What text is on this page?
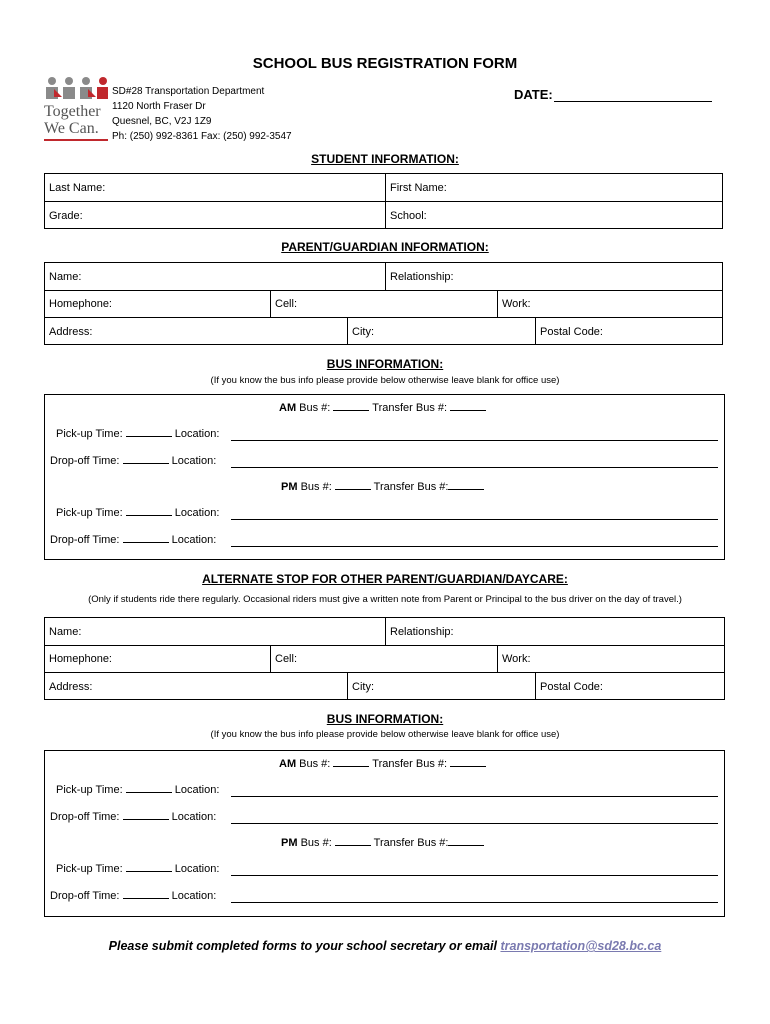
SCHOOL BUS REGISTRATION FORM
Together
We Can.
SD#28 Transportation Department
1120 North Fraser Dr
Quesnel, BC, V2J 1Z9
Ph: (250) 992-8361 Fax: (250) 992-3547
DATE:
STUDENT INFORMATION:
Last Name:	First Name:
Grade:	School:
PARENT/GUARDIAN INFORMATION:
Name:	Relationship:
Homephone:	Cell:	Work:
Address:	City:	Postal Code:
BUS INFORMATION:
(If you know the bus info please provide below otherwise leave blank for office use)
AM Bus #:	Transfer Bus #:
Pick-up Time:	Location:
Drop-off Time:	Location:
PM Bus #:	Transfer Bus #:
Pick-up Time:	Location:
Drop-off Time:	Location:
ALTERNATE STOP FOR OTHER PARENT/GUARDIAN/DAYCARE:
(Only if students ride there regularly. Occasional riders must give a written note from Parent or Principal to the bus driver on the day of travel.)
Name:	Relationship:
Homephone:	Cell:	Work:
Address:	City:	Postal Code:
BUS INFORMATION:
(If you know the bus info please provide below otherwise leave blank for office use)
AM Bus #:	Transfer Bus #:
Pick-up Time:	Location:
Drop-off Time:	Location:
PM Bus #:	Transfer Bus #:
Pick-up Time:	Location:
Drop-off Time:	Location:
Please submit completed forms to your school secretary or email transportation@sd28.bc.ca
